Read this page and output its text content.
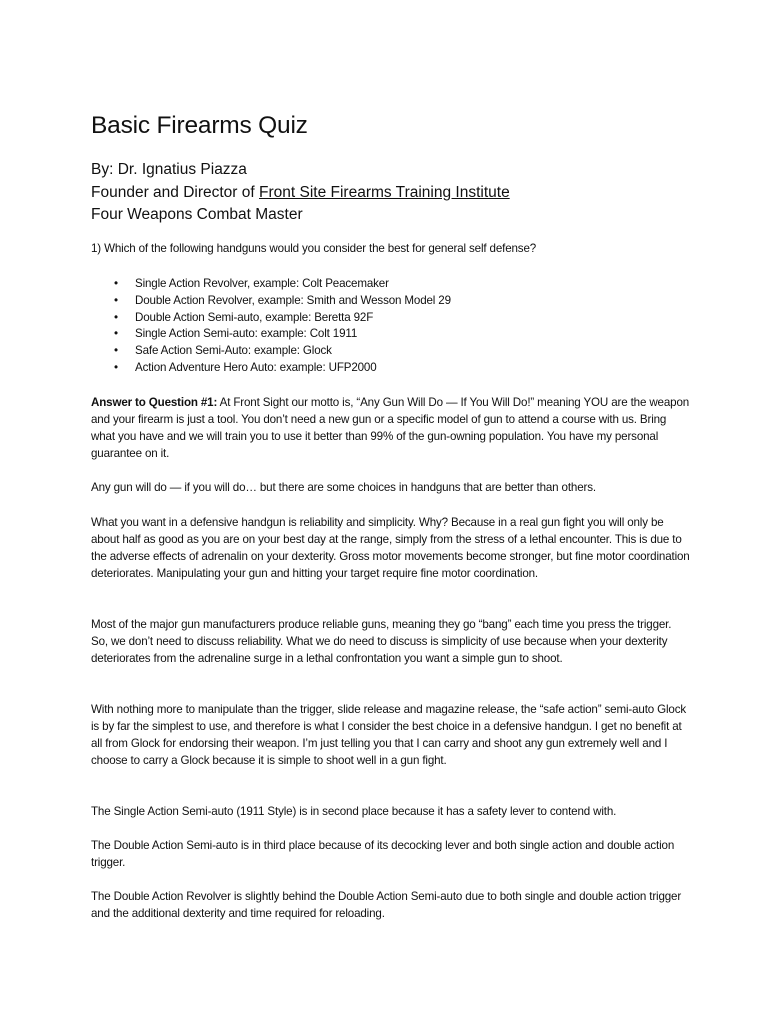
Basic Firearms Quiz
By: Dr. Ignatius Piazza
Founder and Director of Front Site Firearms Training Institute
Four Weapons Combat Master

1) Which of the following handguns would you consider the best for general self defense?

• Single Action Revolver, example: Colt Peacemaker
• Double Action Revolver, example: Smith and Wesson Model 29
• Double Action Semi-auto, example: Beretta 92F
• Single Action Semi-auto: example: Colt 1911
• Safe Action Semi-Auto: example: Glock
• Action Adventure Hero Auto: example: UFP2000

Answer to Question #1: At Front Sight our motto is, “Any Gun Will Do — If You Will Do!” meaning YOU are the weapon and your firearm is just a tool. You don’t need a new gun or a specific model of gun to attend a course with us. Bring what you have and we will train you to use it better than 99% of the gun-owning population. You have my personal guarantee on it.

Any gun will do — if you will do… but there are some choices in handguns that are better than others.

What you want in a defensive handgun is reliability and simplicity. Why? Because in a real gun fight you will only be about half as good as you are on your best day at the range, simply from the stress of a lethal encounter. This is due to the adverse effects of adrenalin on your dexterity. Gross motor movements become stronger, but fine motor coordination deteriorates. Manipulating your gun and hitting your target require fine motor coordination.

Most of the major gun manufacturers produce reliable guns, meaning they go “bang” each time you press the trigger. So, we don’t need to discuss reliability. What we do need to discuss is simplicity of use because when your dexterity deteriorates from the adrenaline surge in a lethal confrontation you want a simple gun to shoot.

With nothing more to manipulate than the trigger, slide release and magazine release, the “safe action” semi-auto Glock is by far the simplest to use, and therefore is what I consider the best choice in a defensive handgun. I get no benefit at all from Glock for endorsing their weapon. I’m just telling you that I can carry and shoot any gun extremely well and I choose to carry a Glock because it is simple to shoot well in a gun fight.

The Single Action Semi-auto (1911 Style) is in second place because it has a safety lever to contend with.

The Double Action Semi-auto is in third place because of its decocking lever and both single action and double action trigger.

The Double Action Revolver is slightly behind the Double Action Semi-auto due to both single and double action trigger and the additional dexterity and time required for reloading.
